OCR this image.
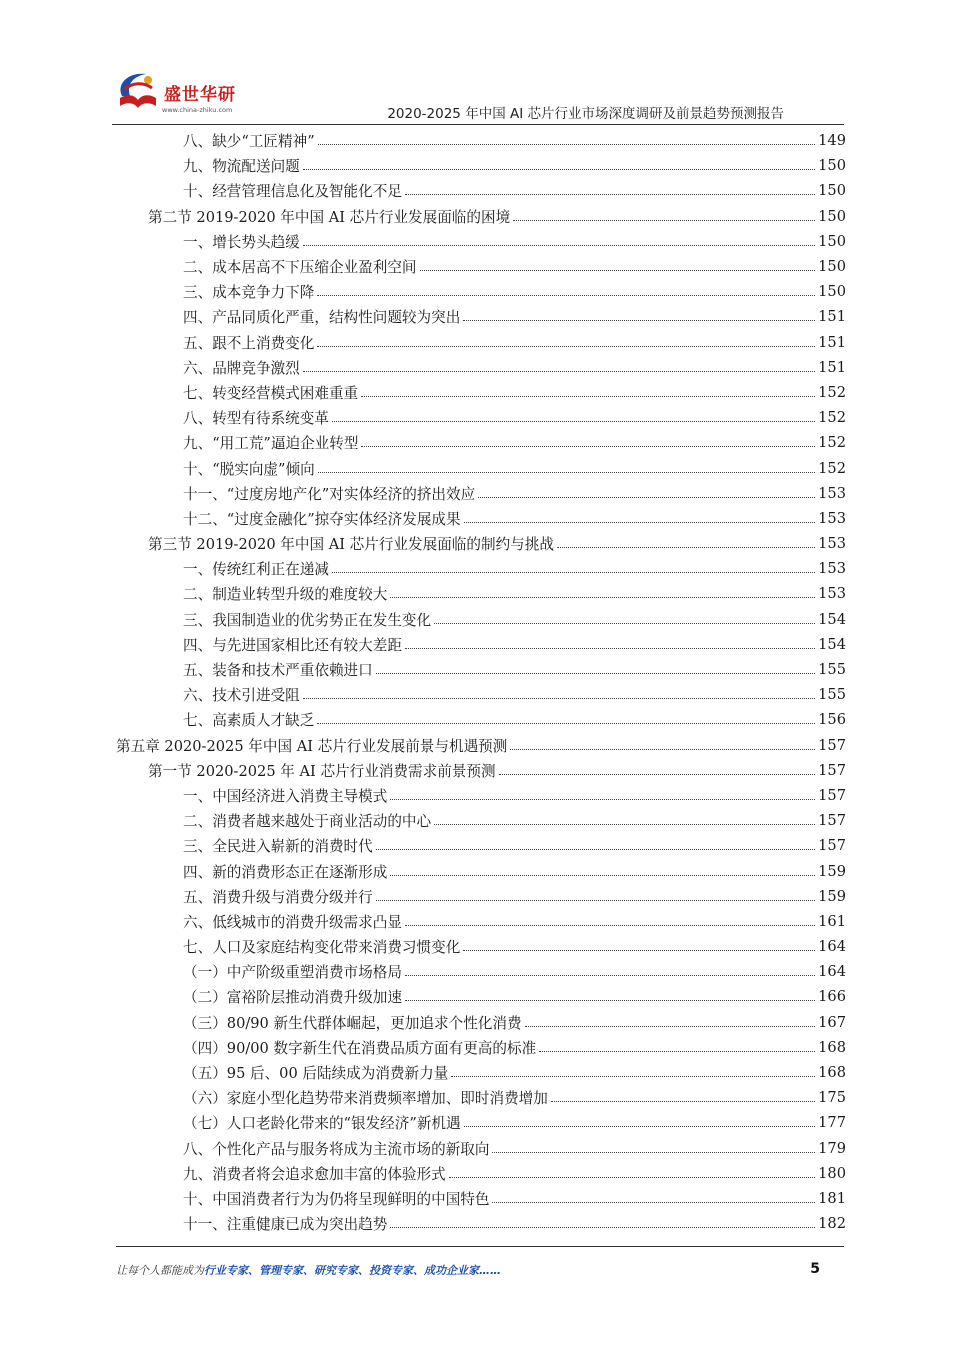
盛世华研
www.china-zhiku.com	2020-2025 年中国 AI 芯片行业市场深度调研及前景趋势预测报告
八、缺少“工匠精神”	149
九、物流配送问题	150
十、经营管理信息化及智能化不足	150
第二节 2019-2020 年中国 AI 芯片行业发展面临的困境	150
一、增长势头趋缓	150
二、成本居高不下压缩企业盈利空间	150
三、成本竞争力下降	150
四、产品同质化严重，结构性问题较为突出	151
五、跟不上消费变化	151
六、品牌竞争激烈	151
七、转变经营模式困难重重	152
八、转型有待系统变革	152
九、“用工荒”逼迫企业转型	152
十、“脱实向虚”倾向	152
十一、“过度房地产化”对实体经济的挤出效应	153
十二、“过度金融化”掠夺实体经济发展成果	153
第三节 2019-2020 年中国 AI 芯片行业发展面临的制约与挑战	153
一、传统红利正在递减	153
二、制造业转型升级的难度较大	153
三、我国制造业的优劣势正在发生变化	154
四、与先进国家相比还有较大差距	154
五、装备和技术严重依赖进口	155
六、技术引进受阻	155
七、高素质人才缺乏	156
第五章 2020-2025 年中国 AI 芯片行业发展前景与机遇预测	157
第一节 2020-2025 年 AI 芯片行业消费需求前景预测	157
一、中国经济进入消费主导模式	157
二、消费者越来越处于商业活动的中心	157
三、全民进入崭新的消费时代	157
四、新的消费形态正在逐渐形成	159
五、消费升级与消费分级并行	159
六、低线城市的消费升级需求凸显	161
七、人口及家庭结构变化带来消费习惯变化	164
（一）中产阶级重塑消费市场格局	164
（二）富裕阶层推动消费升级加速	166
（三）80/90 新生代群体崛起，更加追求个性化消费	167
（四）90/00 数字新生代在消费品质方面有更高的标准	168
（五）95 后、00 后陆续成为消费新力量	168
（六）家庭小型化趋势带来消费频率增加、即时消费增加	175
（七）人口老龄化带来的“银发经济”新机遇	177
八、个性化产品与服务将成为主流市场的新取向	179
九、消费者将会追求愈加丰富的体验形式	180
十、中国消费者行为为仍将呈现鲜明的中国特色	181
十一、注重健康已成为突出趋势	182
让每个人都能成为行业专家、管理专家、研究专家、投资专家、成功企业家……	5
